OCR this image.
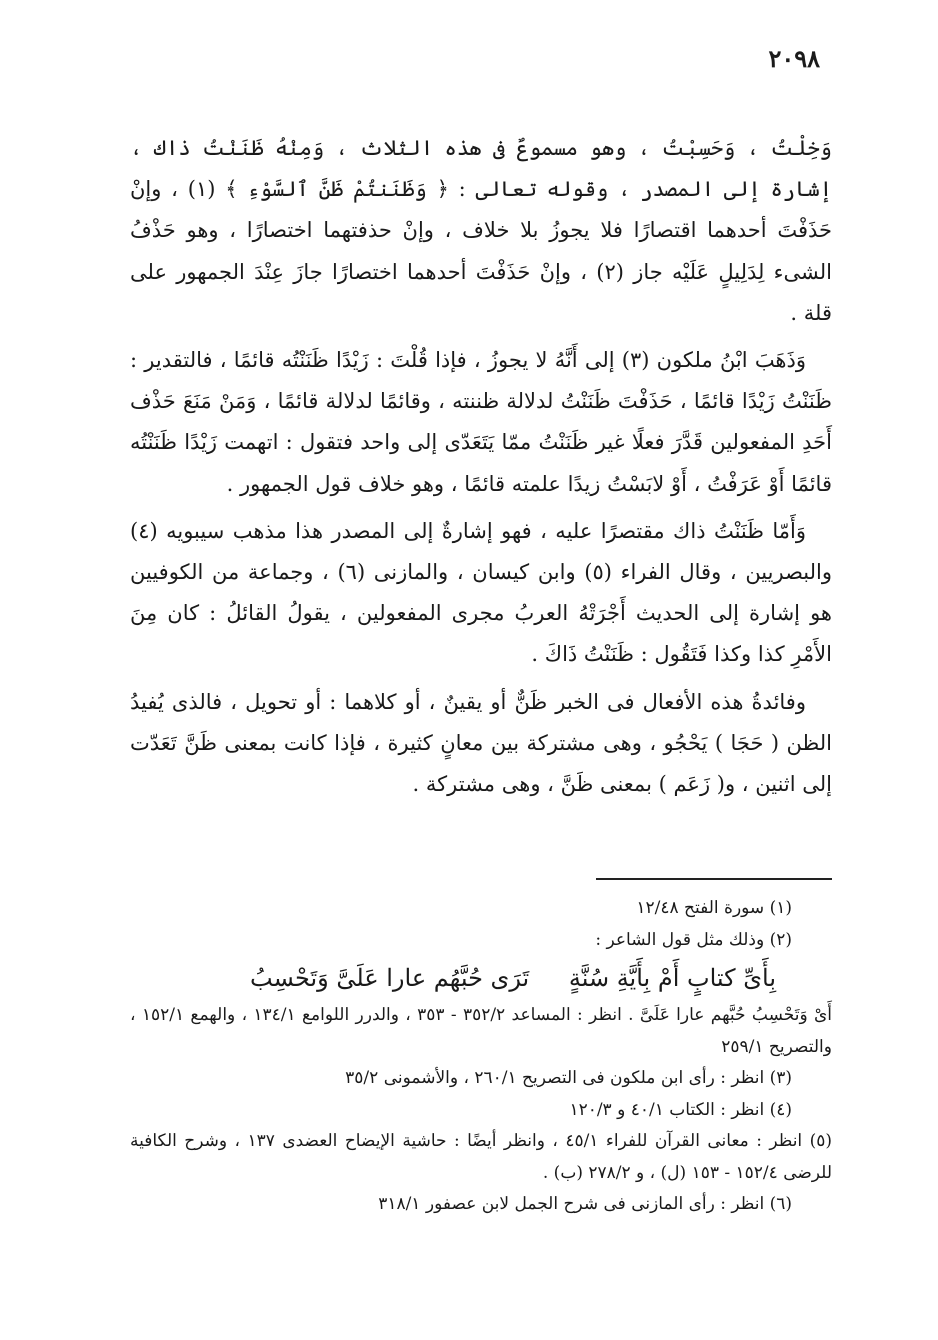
٢٠٩٨

وَخِلْتُ ، وَحَسِبْتُ ، وهو مسموعٌ فى هذه الثلاث ، وَمِنْهُ ظَنَنْتُ ذاك ، إشارة إلى المصدر ، وقوله تعالى : ﴿ وَظَنَنتُمْ ظَنَّ ٱلسَّوْءِ ﴾ (١) ، وإنْ حَذَفْتَ أحدهما اقتصارًا فلا يجوزُ بلا خلاف ، وإنْ حذفتهما اختصارًا ، وهو حَذْفُ الشىء لِدَلِيلٍ عَلَيْه جاز (٢) ، وإنْ حَذَفْتَ أحدهما اختصارًا جازَ عِنْدَ الجمهور على قلة .

وَذَهَبَ ابْنُ ملكون (٣) إلى أَنَّهُ لا يجوزُ ، فإذا قُلْتَ : زَيْدًا ظَنَنْتُه قائمًا ، فالتقدير : ظَنَنْتُ زَيْدًا قائمًا ، حَذَفْتَ ظَنَنْتُ لدلالة ظننته ، وقائمًا لدلالة قائمًا ، وَمَنْ مَنَعَ حَذْف أَحَدِ المفعولين قَدَّرَ فعلًا غير ظَنَنْتُ ممّا يَتَعَدّى إلى واحد فتقول : اتهمت زَيْدًا ظَنَنْتُه قائمًا أَوْ عَرَفْتُ ، أَوْ لابَسْتُ زيدًا علمته قائمًا ، وهو خلاف قول الجمهور .

وَأَمّا ظَنَنْتُ ذاك مقتصرًا عليه ، فهو إشارةٌ إلى المصدر هذا مذهب سيبويه (٤) والبصريين ، وقال الفراء (٥) وابن كيسان ، والمازنى (٦) ، وجماعة من الكوفيين هو إشارة إلى الحديث أَجْرَتْهُ العربُ مجرى المفعولين ، يقولُ القائلُ : كان مِنَ الأَمْرِ كذا وكذا فَتَقُول : ظَنَنْتُ ذَاكَ .

وفائدةُ هذه الأفعال فى الخبر ظَنٌّ أو يقينٌ ، أو كلاهما : أو تحويل ، فالذى يُفيدُ الظن ( حَجَا ) يَحْجُو ، وهى مشتركة بين معانٍ كثيرة ، فإذا كانت بمعنى ظَنَّ تَعَدّت إلى اثنين ، و( زَعَم ) بمعنى ظَنَّ ، وهى مشتركة .

(١) سورة الفتح ١٢/٤٨

(٢) وذلك مثل قول الشاعر :

بِأَىِّ كتابٍ أَمْ بِأَيَّةِ سُنَّةٍ
تَرَى حُبَّهُم عارا عَلَىَّ وَتَحْسِبُ

أَىْ وَتَحْسِبُ حُبَّهم عارا عَلَىَّ . انظر : المساعد ٣٥٢/٢ - ٣٥٣ ، والدرر اللوامع ١٣٤/١ ، والهمع ١٥٢/١ ، والتصريح ٢٥٩/١

(٣) انظر : رأى ابن ملكون فى التصريح ٢٦٠/١ ، والأشمونى ٣٥/٢

(٤) انظر : الكتاب ٤٠/١ و ١٢٠/٣

(٥) انظر : معانى القرآن للفراء ٤٥/١ ، وانظر أيضًا : حاشية الإيضاح العضدى ١٣٧ ، وشرح الكافية للرضى ١٥٢/٤ - ١٥٣ (ل) ، و ٢٧٨/٢ (ب) .

(٦) انظر : رأى المازنى فى شرح الجمل لابن عصفور ٣١٨/١
